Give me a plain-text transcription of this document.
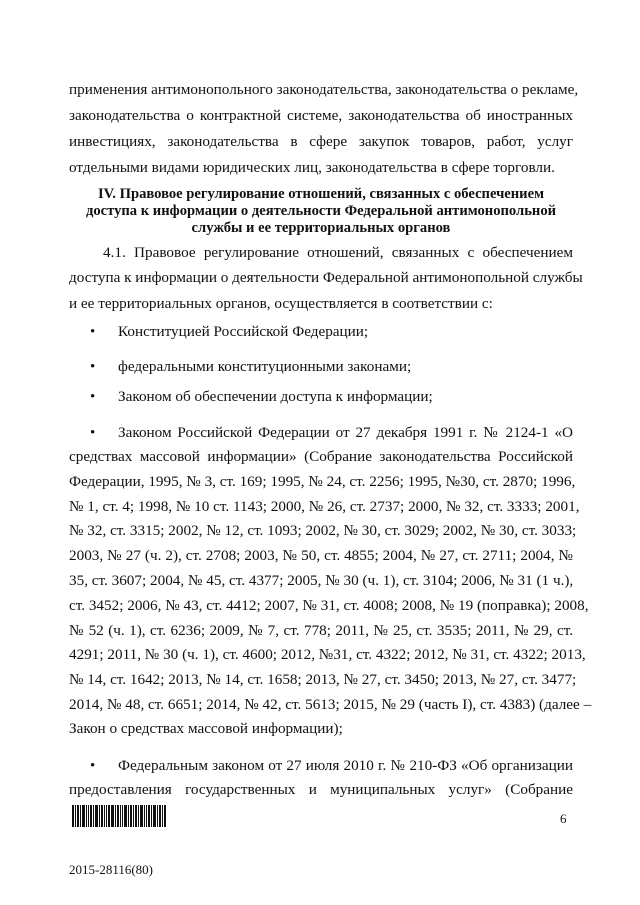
применения антимонопольного законодательства, законодательства о рекламе,
законодательства о контрактной системе, законодательства об иностранных
инвестициях, законодательства в сфере закупок товаров, работ, услуг
отдельными видами юридических лиц, законодательства в сфере торговли.
IV. Правовое регулирование отношений, связанных с обеспечением
доступа к информации о деятельности Федеральной антимонопольной
службы и ее территориальных органов
4.1. Правовое регулирование отношений, связанных с обеспечением
доступа к информации о деятельности Федеральной антимонопольной службы
и ее территориальных органов, осуществляется в соответствии с:
• Конституцией Российской Федерации;
• федеральными конституционными законами;
• Законом об обеспечении доступа к информации;
• Законом Российской Федерации от 27 декабря 1991 г. № 2124-1 «О
средствах массовой информации» (Собрание законодательства Российской
Федерации, 1995, № 3, ст. 169; 1995, № 24, ст. 2256; 1995, №30, ст. 2870; 1996,
№ 1, ст. 4; 1998, № 10 ст. 1143; 2000, № 26, ст. 2737; 2000, № 32, ст. 3333; 2001,
№ 32, ст. 3315; 2002, № 12, ст. 1093; 2002, № 30, ст. 3029; 2002, № 30, ст. 3033;
2003, № 27 (ч. 2), ст. 2708; 2003, № 50, ст. 4855; 2004, № 27, ст. 2711; 2004, №
35, ст. 3607; 2004, № 45, ст. 4377; 2005, № 30 (ч. 1), ст. 3104; 2006, № 31 (1 ч.),
ст. 3452; 2006, № 43, ст. 4412; 2007, № 31, ст. 4008; 2008, № 19 (поправка); 2008,
№ 52 (ч. 1), ст. 6236; 2009, № 7, ст. 778; 2011, № 25, ст. 3535; 2011, № 29, ст.
4291; 2011, № 30 (ч. 1), ст. 4600; 2012, №31, ст. 4322; 2012, № 31, ст. 4322; 2013,
№ 14, ст. 1642; 2013, № 14, ст. 1658; 2013, № 27, ст. 3450; 2013, № 27, ст. 3477;
2014, № 48, ст. 6651; 2014, № 42, ст. 5613; 2015, № 29 (часть I), ст. 4383) (далее –
Закон о средствах массовой информации);
• Федеральным законом от 27 июля 2010 г. № 210-ФЗ «Об организации
предоставления государственных и муниципальных услуг» (Собрание
6
2015-28116(80)
